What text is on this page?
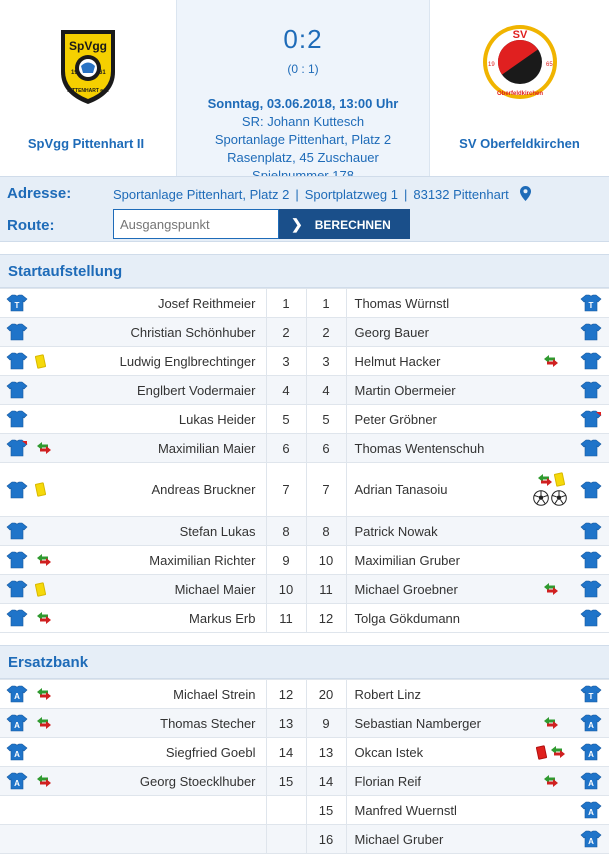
SpVgg
PITTENHART e.V.
19	61
SpVgg Pittenhart II
0:2
(0 : 1)
Sonntag, 03.06.2018, 13:00 Uhr
SR: Johann Kuttesch
Sportanlage Pittenhart, Platz 2
Rasenplatz, 45 Zuschauer
SV
Oberfeldkirchen
19	65
SV Oberfeldkirchen
Adresse:	Sportanlage Pittenhart, Platz 2 | Sportplatzweg 1 | 83132 Pittenhart
Route:
Ausgangspunkt	❯ BERECHNEN
Startaufstellung
T		Josef Reithmeier	1	1	Thomas Würnstl		T

	Christian Schönhuber	2	2	Georg Bauer	

	Ludwig Englbrechtinger	3	3	Helmut Hacker	

	Englbert Vodermaier	4	4	Martin Obermeier	

	Lukas Heider	5	5	Peter Gröbner	

	Maximilian Maier	6	6	Thomas Wentenschuh	

	Andreas Bruckner	7	7	Adrian Tanasoiu	

	Stefan Lukas	8	8	Patrick Nowak	

	Maximilian Richter	9	10	Maximilian Gruber	

	Michael Maier	10	11	Michael Groebner	

	Markus Erb	11	12	Tolga Gökdumann	

Ersatzbank
A		Michael Strein	12	20	Robert Linz		T

A		Thomas Stecher	13	9	Sebastian Namberger		A

A		Siegfried Goebl	14	13	Okcan Istek		A

A		Georg Stoecklhuber	15	14	Florian Reif		A

			15	Manfred Wuernstl		A

			16	Michael Gruber		A
